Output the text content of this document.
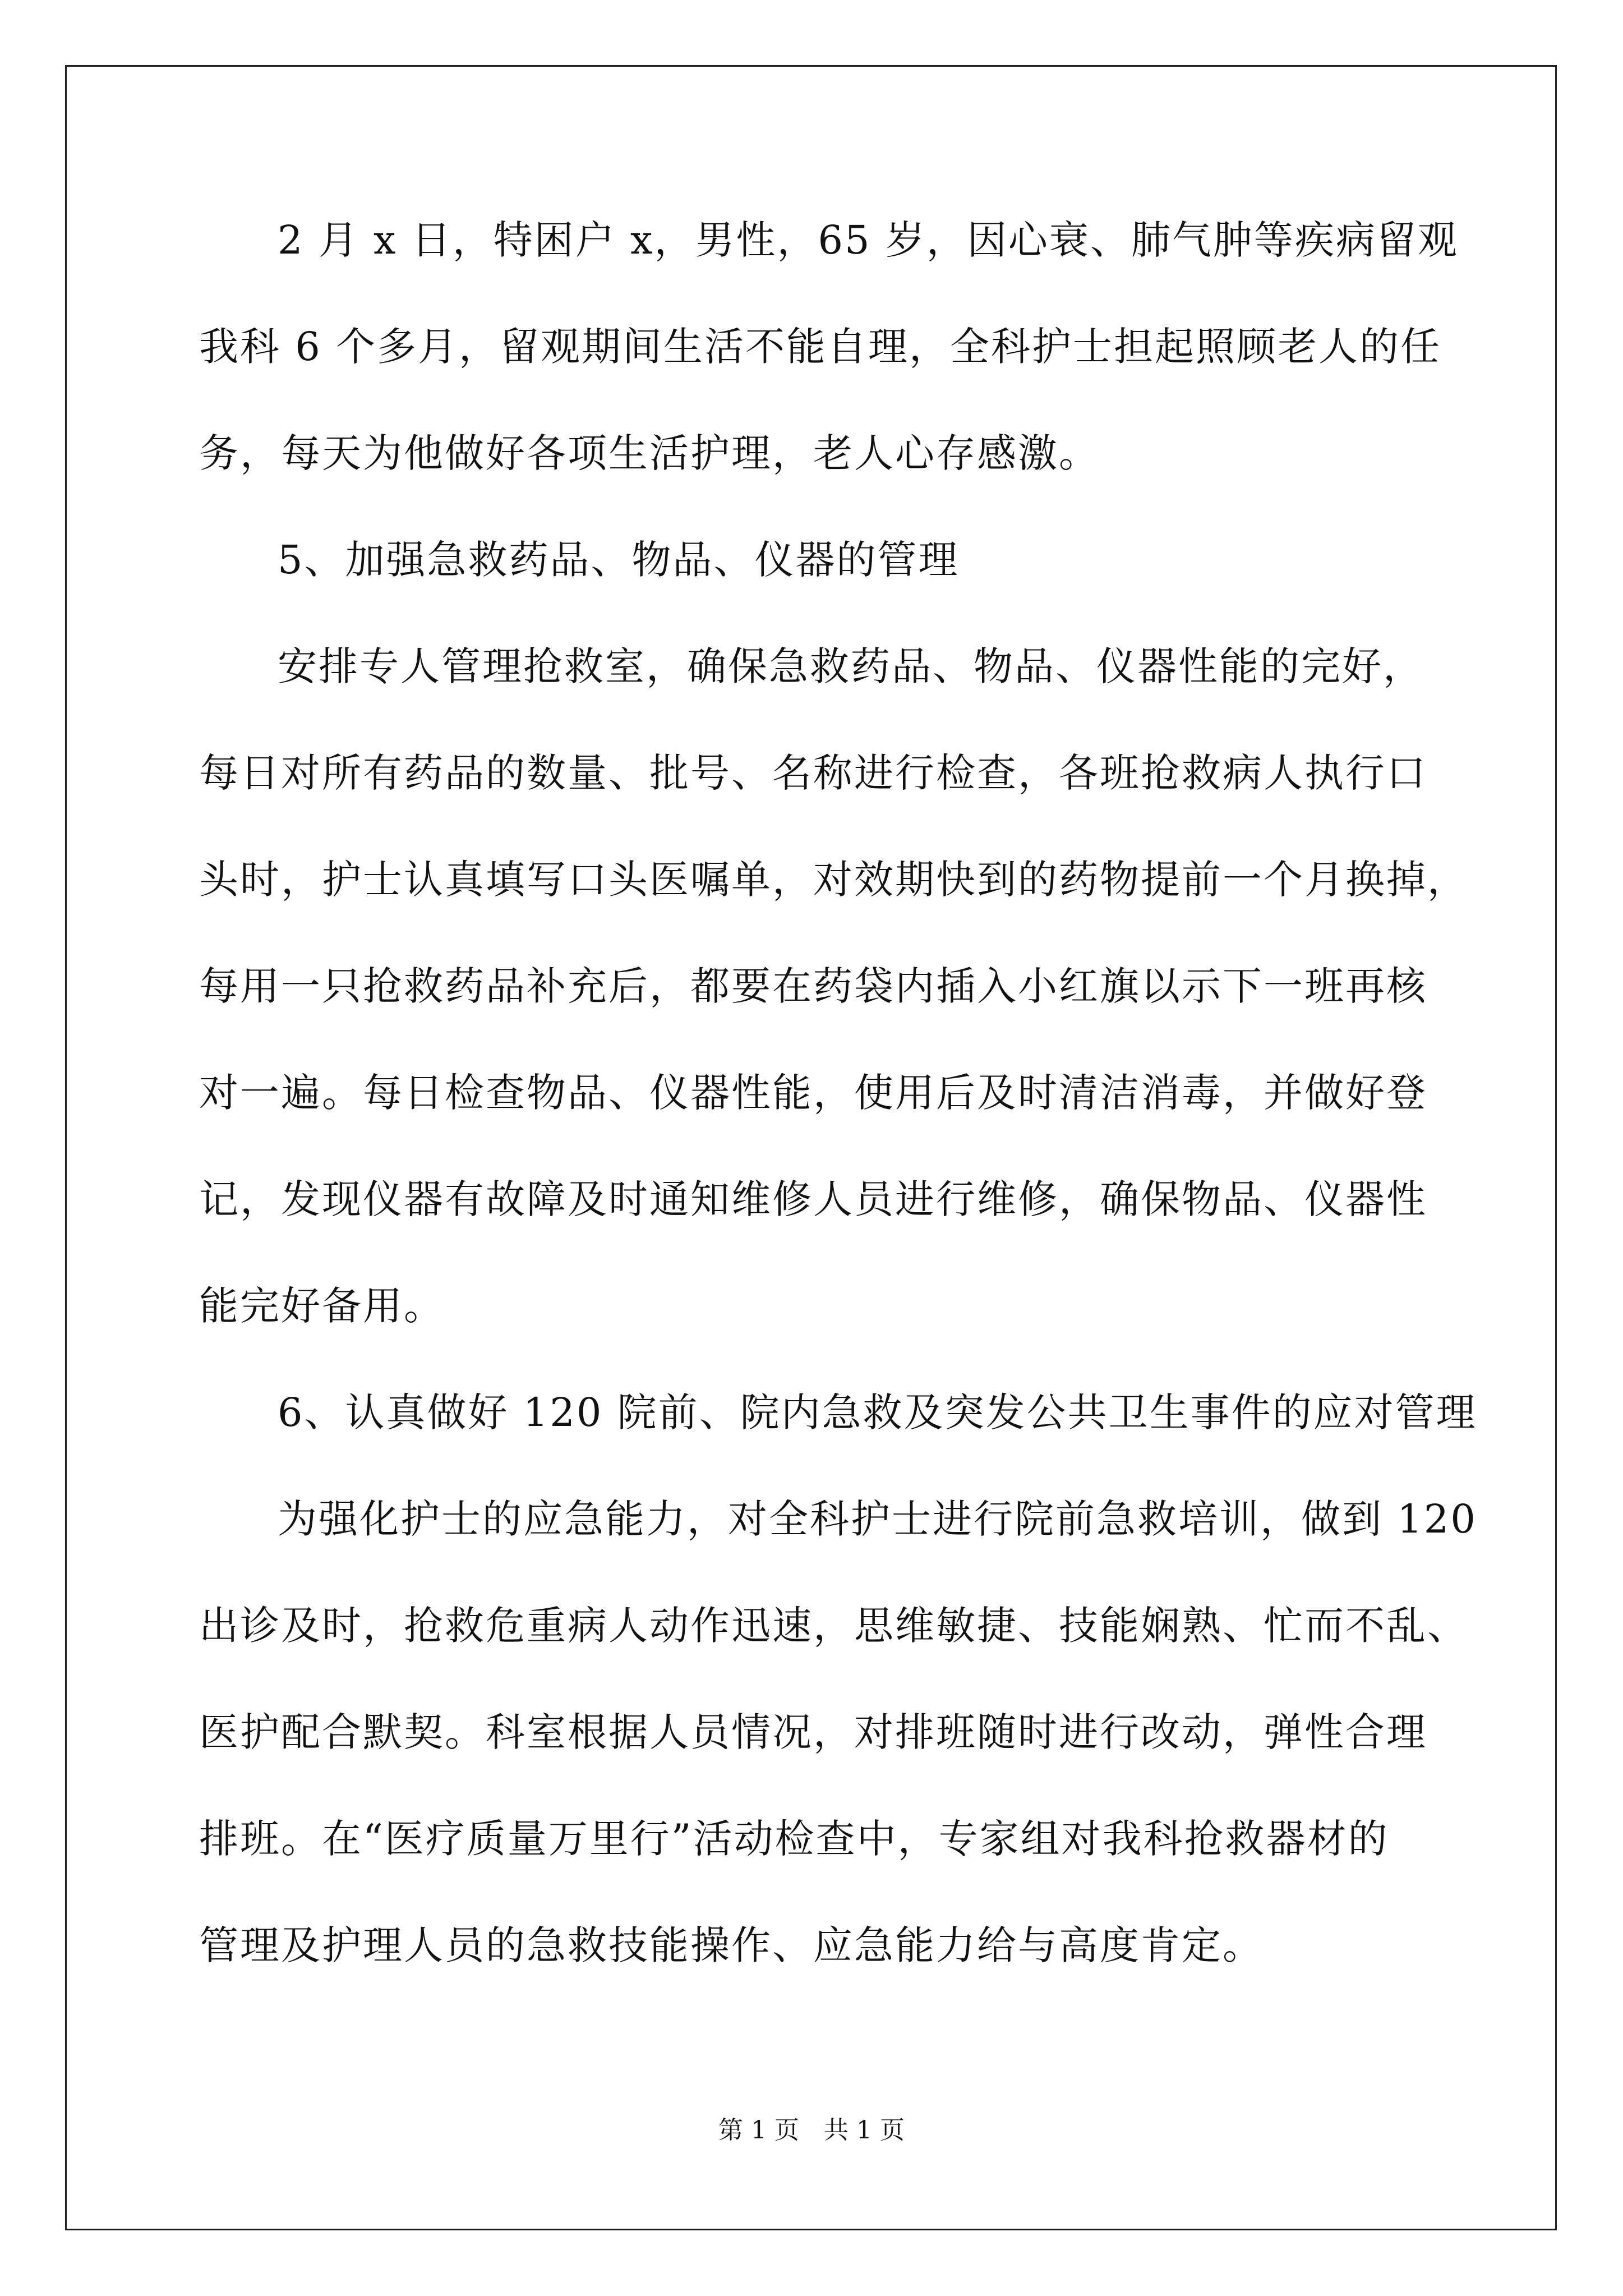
2 月 x 日，特困户 x，男性，65 岁，因心衰、肺气肿等疾病留观
我科 6 个多月，留观期间生活不能自理，全科护士担起照顾老人的任
务，每天为他做好各项生活护理，老人心存感激。
5、加强急救药品、物品、仪器的管理
安排专人管理抢救室，确保急救药品、物品、仪器性能的完好，
每日对所有药品的数量、批号、名称进行检查，各班抢救病人执行口
头时，护士认真填写口头医嘱单，对效期快到的药物提前一个月换掉，
每用一只抢救药品补充后，都要在药袋内插入小红旗以示下一班再核
对一遍。每日检查物品、仪器性能，使用后及时清洁消毒，并做好登
记，发现仪器有故障及时通知维修人员进行维修，确保物品、仪器性
能完好备用。
6、认真做好 120 院前、院内急救及突发公共卫生事件的应对管理
为强化护士的应急能力，对全科护士进行院前急救培训，做到 120
出诊及时，抢救危重病人动作迅速，思维敏捷、技能娴熟、忙而不乱、
医护配合默契。科室根据人员情况，对排班随时进行改动，弹性合理
排班。在“医疗质量万里行”活动检查中，专家组对我科抢救器材的
管理及护理人员的急救技能操作、应急能力给与高度肯定。
第 1 页　共 1 页
